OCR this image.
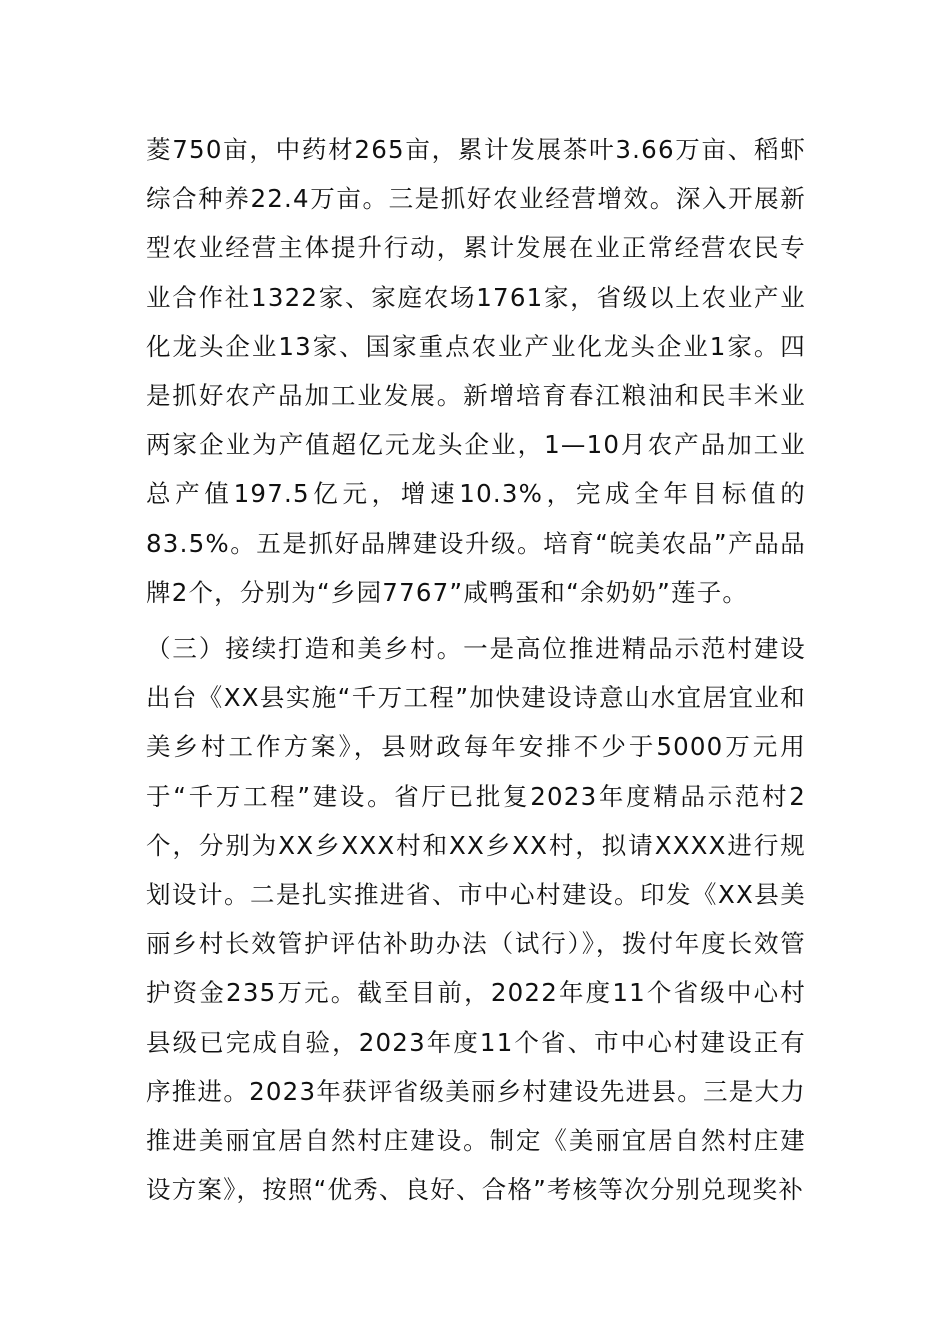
菱750亩，中药材265亩，累计发展茶叶3.66万亩、稻虾综合种养22.4万亩。三是抓好农业经营增效。深入开展新型农业经营主体提升行动，累计发展在业正常经营农民专业合作社1322家、家庭农场1761家，省级以上农业产业化龙头企业13家、国家重点农业产业化龙头企业1家。四是抓好农产品加工业发展。新增培育春江粮油和民丰米业两家企业为产值超亿元龙头企业，1—10月农产品加工业总产值197.5亿元，增速10.3%，完成全年目标值的83.5%。五是抓好品牌建设升级。培育“皖美农品”产品品牌2个，分别为“乡园7767”咸鸭蛋和“余奶奶”莲子。

（三）接续打造和美乡村。一是高位推进精品示范村建设出台《XX县实施“千万工程”加快建设诗意山水宜居宜业和美乡村工作方案》，县财政每年安排不少于5000万元用于“千万工程”建设。省厅已批复2023年度精品示范村2个，分别为XX乡XXX村和XX乡XX村，拟请XXXX进行规划设计。二是扎实推进省、市中心村建设。印发《XX县美丽乡村长效管护评估补助办法（试行）》，拨付年度长效管护资金235万元。截至目前，2022年度11个省级中心村县级已完成自验，2023年度11个省、市中心村建设正有序推进。2023年获评省级美丽乡村建设先进县。三是大力推进美丽宜居自然村庄建设。制定《美丽宜居自然村庄建设方案》，按照“优秀、良好、合格”考核等次分别兑现奖补
